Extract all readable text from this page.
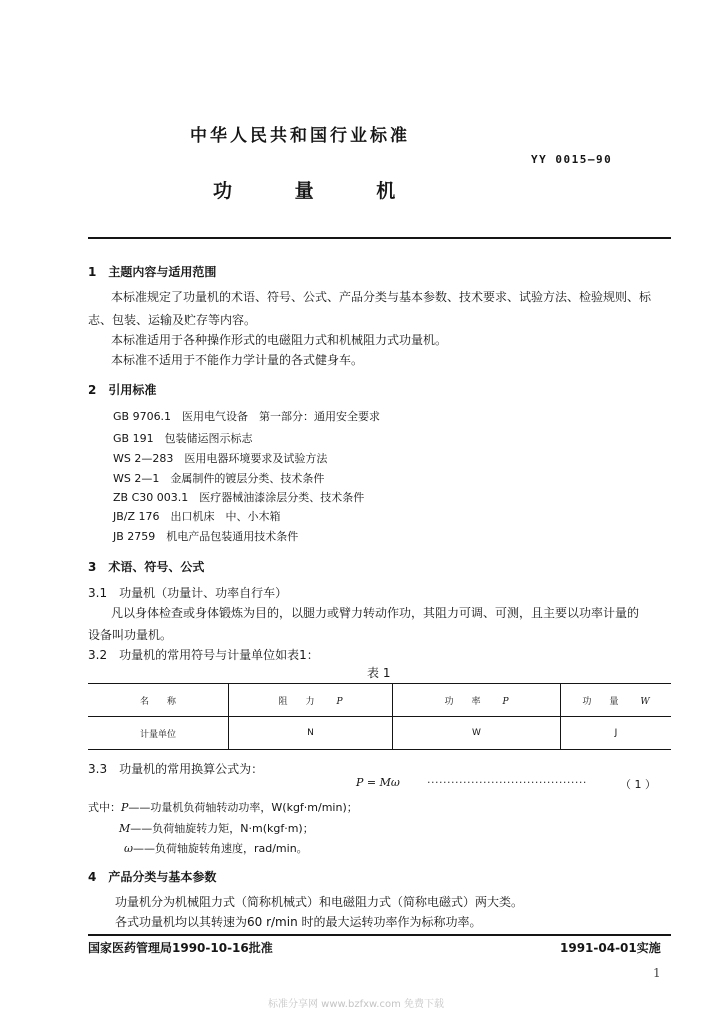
中华人民共和国行业标准
YY 0015—90
功 量 机
1　主题内容与适用范围
本标准规定了功量机的术语、符号、公式、产品分类与基本参数、技术要求、试验方法、检验规则、标
志、包装、运输及贮存等内容。
本标准适用于各种操作形式的电磁阻力式和机械阻力式功量机。
本标准不适用于不能作力学计量的各式健身车。
2　引用标准
GB 9706.1　医用电气设备　第一部分：通用安全要求
GB 191　包装储运图示标志
WS 2—283　医用电器环境要求及试验方法
WS 2—1　金属制件的镀层分类、技术条件
ZB C30 003.1　医疗器械油漆涂层分类、技术条件
JB/Z 176　出口机床　中、小木箱
JB 2759　机电产品包装通用技术条件
3　术语、符号、公式
3.1　功量机（功量计、功率自行车）
凡以身体检查或身体锻炼为目的，以腿力或臂力转动作功，其阻力可调、可测，且主要以功率计量的
设备叫功量机。
3.2　功量机的常用符号与计量单位如表1：
表 1
名　　称	阻　　力 P	功　　率 P	功　　量 W
计量单位	N	W	J
3.3　功量机的常用换算公式为：
P = Mω ········································	（ 1 ）
式中：P——功量机负荷轴转动功率，W(kgf·m/min)；
M——负荷轴旋转力矩，N·m(kgf·m)；
ω——负荷轴旋转角速度，rad/min。
4　产品分类与基本参数
功量机分为机械阻力式（简称机械式）和电磁阻力式（简称电磁式）两大类。
各式功量机均以其转速为60 r/min 时的最大运转功率作为标称功率。
国家医药管理局1990-10-16批准	1991-04-01实施
1
标准分享网 www.bzfxw.com 免费下载
